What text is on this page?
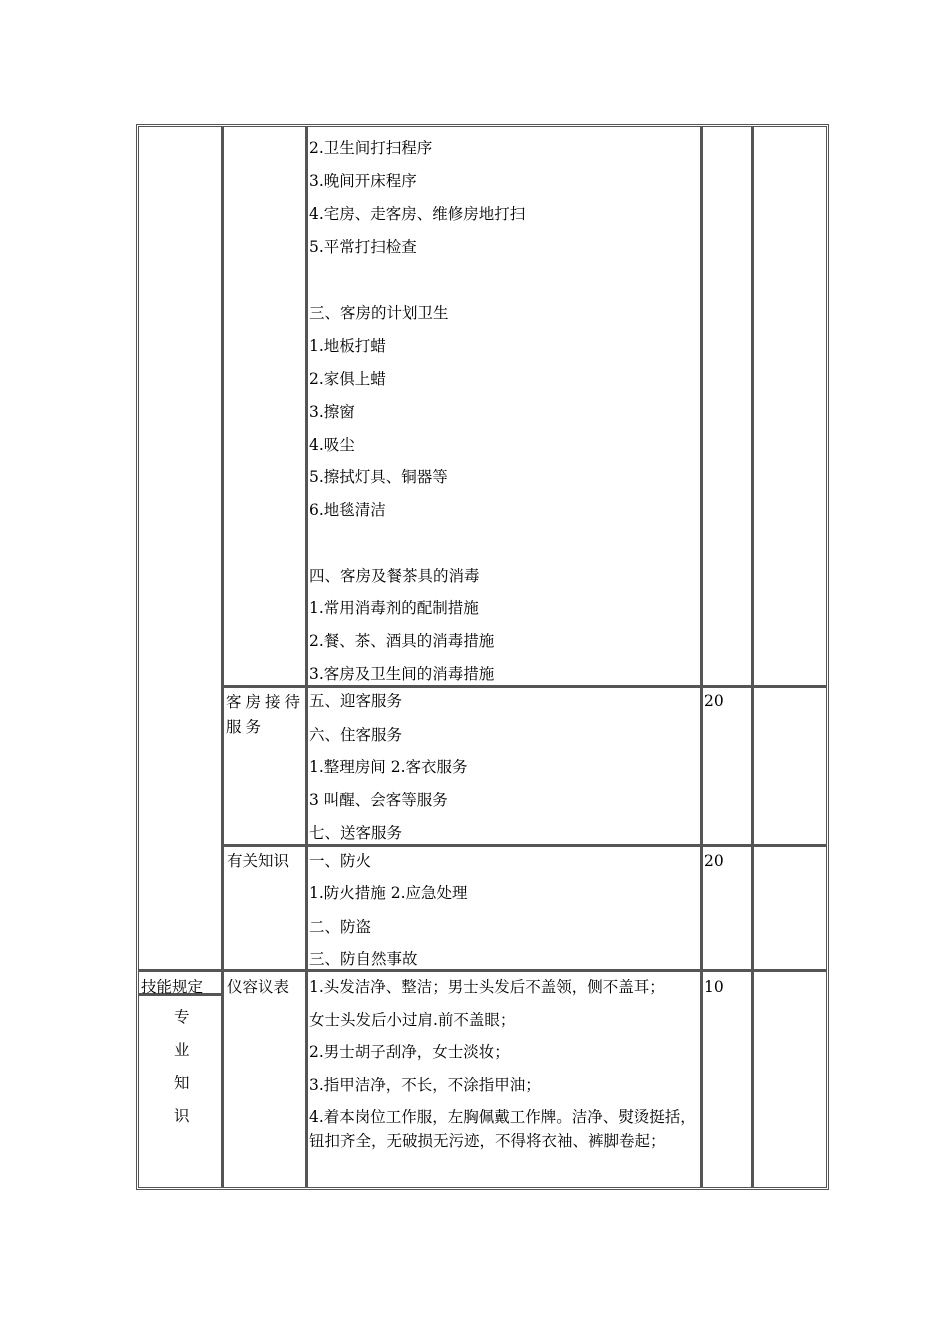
2.卫生间打扫程序
3.晚间开床程序
4.宅房、走客房、维修房地打扫
5.平常打扫检查
三、客房的计划卫生
1.地板打蜡
2.家俱上蜡
3.擦窗
4.吸尘
5.擦拭灯具、铜器等
6.地毯清洁
四、客房及餐茶具的消毒
1.常用消毒剂的配制措施
2.餐、茶、酒具的消毒措施
3.客房及卫生间的消毒措施
客房接待服务
五、迎客服务
六、住客服务
1.整理房间 2.客衣服务
3 叫醒、会客等服务
七、送客服务
20
有关知识 一、防火
1.防火措施 2.应急处理
二、防盗
三、防自然事故
20
技能规定
专
业
知
识
仪容议表 1.头发洁净、整洁；男士头发后不盖领，侧不盖耳；
女士头发后小过肩.前不盖眼；
2.男士胡子刮净，女士淡妆；
3.指甲洁净，不长，不涂指甲油；
4.着本岗位工作服，左胸佩戴工作牌。洁净、熨烫挺括，钮扣齐全，无破损无污迹，不得将衣袖、裤脚卷起；
10
